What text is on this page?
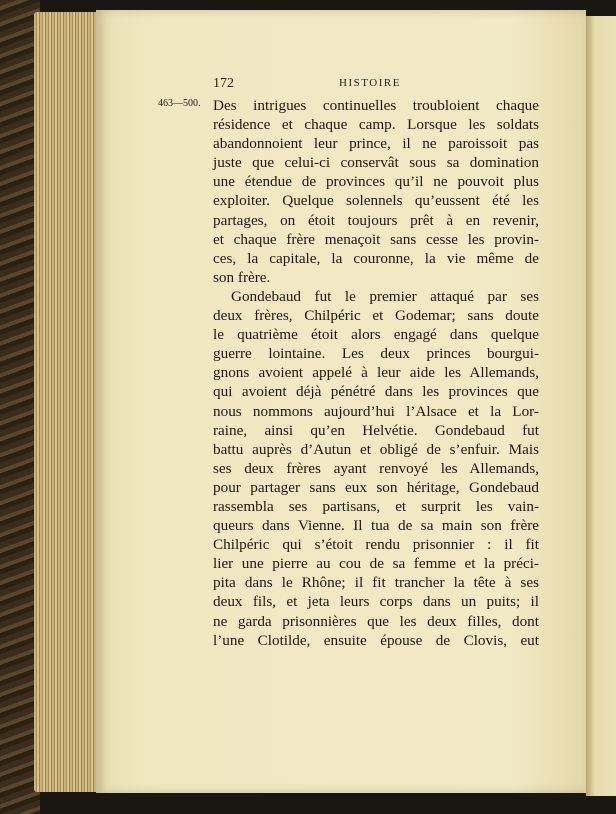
172	HISTOIRE
463—500. Des intrigues continuelles troubloient chaque
résidence et chaque camp. Lorsque les soldats
abandonnoient leur prince, il ne paroissoit pas
juste que celui-ci conservât sous sa domination
une étendue de provinces qu’il ne pouvoit plus
exploiter. Quelque solennels qu’eussent été les
partages, on étoit toujours prêt à en revenir,
et chaque frère menaçoit sans cesse les provin-
ces, la capitale, la couronne, la vie même de
son frère.
Gondebaud fut le premier attaqué par ses
deux frères, Chilpéric et Godemar; sans doute
le quatrième étoit alors engagé dans quelque
guerre lointaine. Les deux princes bourgui-
gnons avoient appelé à leur aide les Allemands,
qui avoient déjà pénétré dans les provinces que
nous nommons aujourd’hui l’Alsace et la Lor-
raine, ainsi qu’en Helvétie. Gondebaud fut
battu auprès d’Autun et obligé de s’enfuir. Mais
ses deux frères ayant renvoyé les Allemands,
pour partager sans eux son héritage, Gondebaud
rassembla ses partisans, et surprit les vain-
queurs dans Vienne. Il tua de sa main son frère
Chilpéric qui s’étoit rendu prisonnier : il fit
lier une pierre au cou de sa femme et la préci-
pita dans le Rhône; il fit trancher la tête à ses
deux fils, et jeta leurs corps dans un puits; il
ne garda prisonnières que les deux filles, dont
l’une Clotilde, ensuite épouse de Clovis, eut
